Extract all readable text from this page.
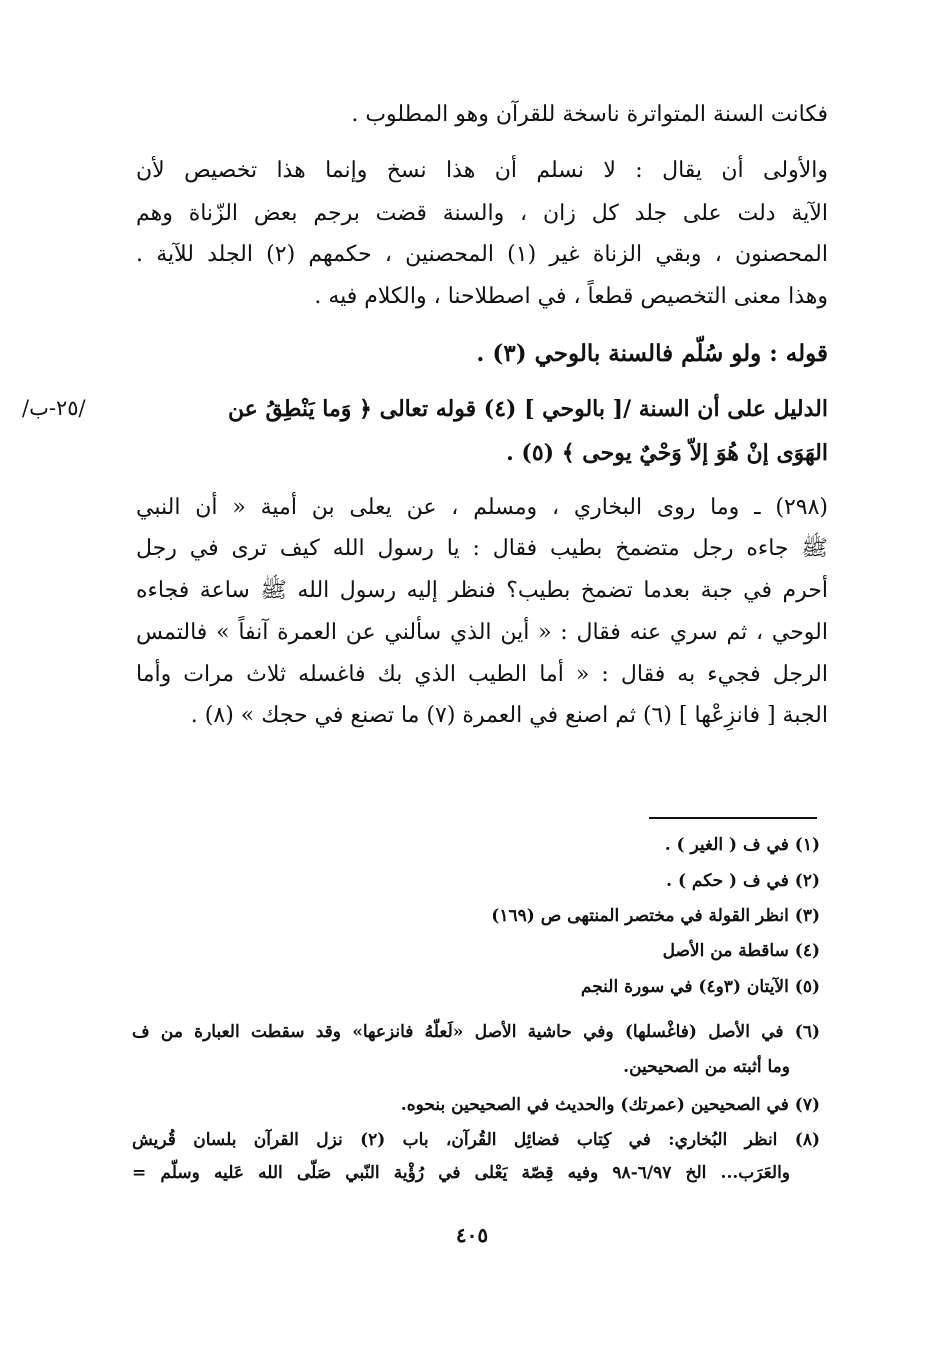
فكانت السنة المتواترة ناسخة للقرآن وهو المطلوب .
والأولى أن يقال : لا نسلم أن هذا نسخ وإنما هذا تخصيص لأن
الآية دلت على جلد كل زان ، والسنة قضت برجم بعض الزّناة وهم
المحصنون ، وبقي الزناة غير (١) المحصنين ، حكمهم (٢) الجلد للآية .
وهذا معنى التخصيص قطعاً ، في اصطلاحنا ، والكلام فيه .
قوله : ولو سُلّم فالسنة بالوحي (٣) .
الدليل على أن السنة /[ بالوحي ] (٤) قوله تعالى ﴿ وَما يَنْطِقُ عن
/٢٥-ب/
الهَوَى إنْ هُوَ إلاّ وَحْيٌ يوحى ﴾ (٥) .
(٢٩٨) ـ وما روى البخاري ، ومسلم ، عن يعلى بن أمية « أن النبي
ﷺ جاءه رجل متضمخ بطيب فقال : يا رسول الله كيف ترى في رجل
أحرم في جبة بعدما تضمخ بطيب؟ فنظر إليه رسول الله ﷺ ساعة فجاءه
الوحي ، ثم سري عنه فقال : « أين الذي سألني عن العمرة آنفاً » فالتمس
الرجل فجيء به فقال : « أما الطيب الذي بك فاغسله ثلاث مرات وأما
الجبة [ فانزِعْها ] (٦) ثم اصنع في العمرة (٧) ما تصنع في حجك » (٨) .
(١) في ف ( الغير ) .
(٢) في ف ( حكم ) .
(٣) انظر القولة في مختصر المنتهى ص (١٦٩)
(٤) ساقطة من الأصل
(٥) الآيتان (٣و٤) في سورة النجم
(٦) في الأصل (فاغْسلها) وفي حاشية الأصل «لَعلّهُ فانزعها» وقد سقطت العبارة من ف
وما أثبته من الصحيحين.
(٧) في الصحيحين (عمرتك) والحديث في الصحيحين بنحوه.
(٨) انظر البُخاري: في كِتاب فضائِل القُرآن، باب (٢) نزل القرآن بلسان قُريش
والعَرَب... الخ ٦/٩٧-٩٨ وفيه قِصّة يَعْلى في رُؤْية النّبي صَلّى الله عَليه وسلّم =
٤٠٥
